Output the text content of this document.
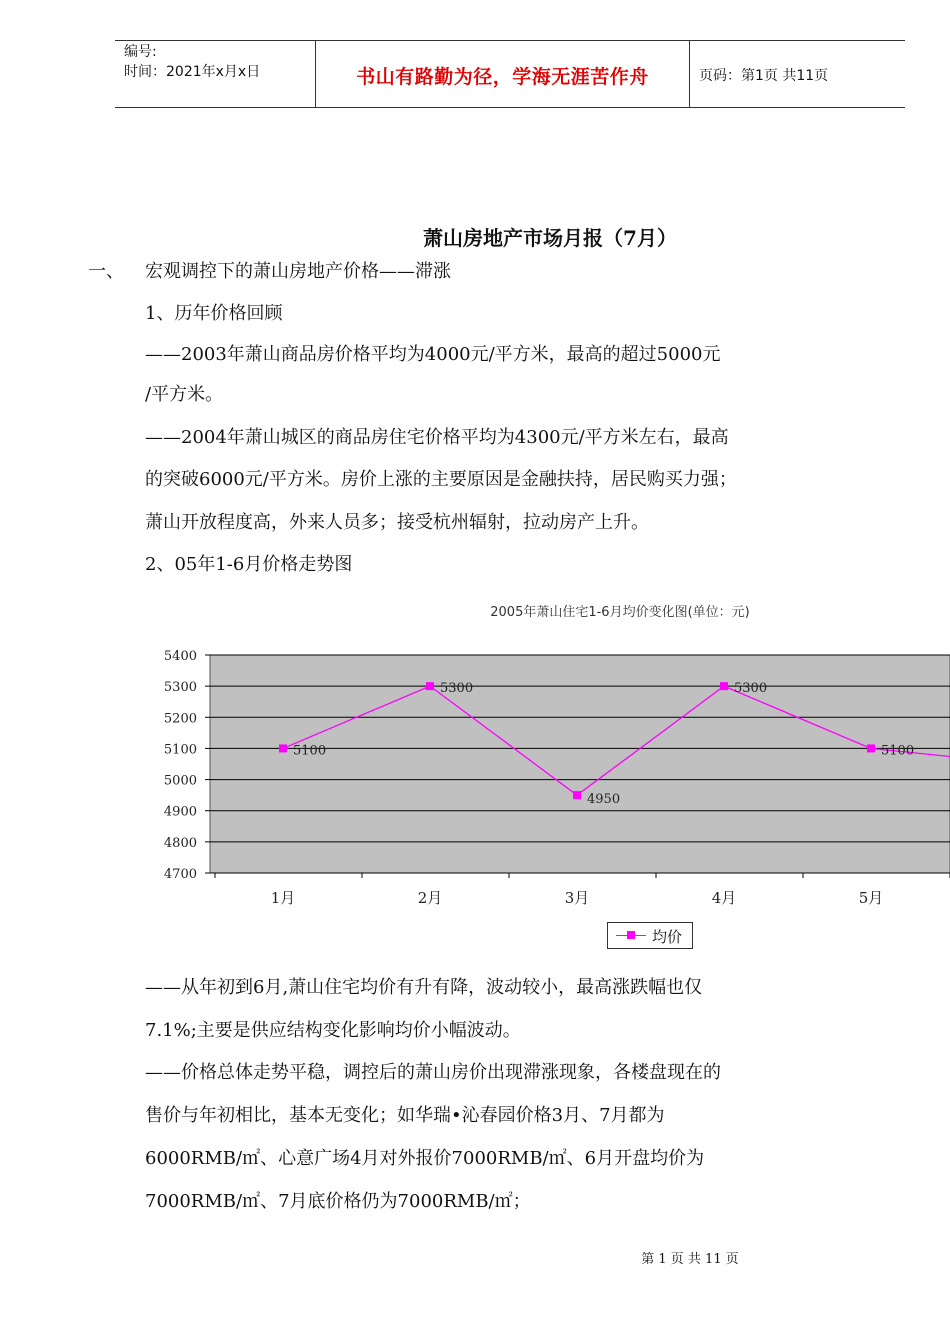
编号:
时间：2021年x月x日	书山有路勤为径，学海无涯苦作舟	页码：第1页 共11页
萧山房地产市场月报（7月）
一、 宏观调控下的萧山房地产价格——滞涨
1、历年价格回顾
——2003年萧山商品房价格平均为4000元/平方米，最高的超过5000元
/平方米。
——2004年萧山城区的商品房住宅价格平均为4300元/平方米左右，最高
的突破6000元/平方米。房价上涨的主要原因是金融扶持，居民购买力强；
萧山开放程度高，外来人员多；接受杭州辐射，拉动房产上升。
2、05年1-6月价格走势图
2005年萧山住宅1-6月均价变化图(单位：元)
5400
5300
5200
5100
5000
4900
4800
4700
1月	2月	3月	4月	5月
5100
5300
4950
5300
5100
均价
——从年初到6月,萧山住宅均价有升有降，波动较小，最高涨跌幅也仅
7.1%;主要是供应结构变化影响均价小幅波动。
——价格总体走势平稳，调控后的萧山房价出现滞涨现象，各楼盘现在的
售价与年初相比，基本无变化；如华瑞•沁春园价格3月、7月都为
6000RMB/㎡、心意广场4月对外报价7000RMB/㎡、6月开盘均价为
7000RMB/㎡、7月底价格仍为7000RMB/㎡；
第 1 页 共 11 页
